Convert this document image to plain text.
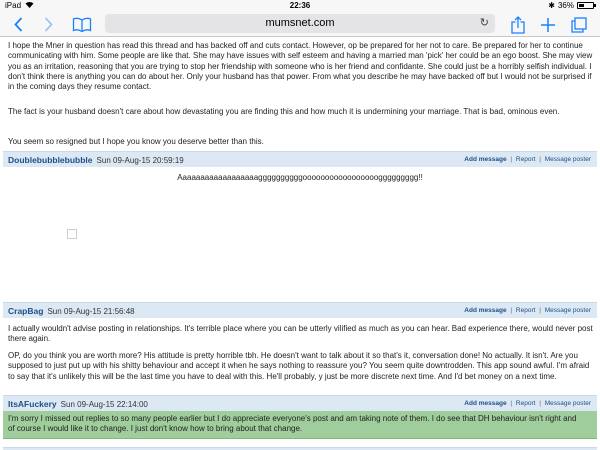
iPad	22:36	✱ 36%
mumsnet.com	↻
I hope the Mner in question has read this thread and has backed off and cuts contact. However, op be prepared for her not to care. Be prepared for her to continue communicating with him. Some people are like that. She may have issues with self esteem and having a married man 'pick' her could be an ego boost. She may view you as an irritation, reasoning that you are trying to stop her friendship with someone who is her friend and confidante. She could just be a horribly selfish individual. I don't think there is anything you can do about her. Only your husband has that power. From what you describe he may have backed off but I would not be surprised if in the coming days they resume contact.
The fact is your husband doesn't care about how devastating you are finding this and how much it is undermining your marriage. That is bad, ominous even.
You seem so resigned but I hope you know you deserve better than this.
Doublebubblebubble Sun 09-Aug-15 20:59:19	Add message | Report | Message poster
Aaaaaaaaaaaaaaaaaaggggggggggoooooooooooooooooggggggggg!!
CrapBag Sun 09-Aug-15 21:56:48	Add message | Report | Message poster
I actually wouldn't advise posting in relationships. It's terrible place where you can be utterly vilified as much as you can hear. Bad experience there, would never post there again.
OP, do you think you are worth more? His attitude is pretty horrible tbh. He doesn't want to talk about it so that's it, conversation done! No actually. It isn't. Are you supposed to just put up with his shitty behaviour and accept it when he says nothing to reassure you? You seem quite downtrodden. This app sound awful. I'm afraid to say that it's unlikely this will be the last time you have to deal with this. He'll probably, y just be more discrete next time. And I'd bet money on a next time.
ItsAFuckery Sun 09-Aug-15 22:14:00	Add message | Report | Message poster
I'm sorry I missed out replies to so many people earlier but I do appreciate everyone's post and am taking note of them. I do see that DH behaviour isn't right and of course I would like it to change. I just don't know how to bring about that change.
